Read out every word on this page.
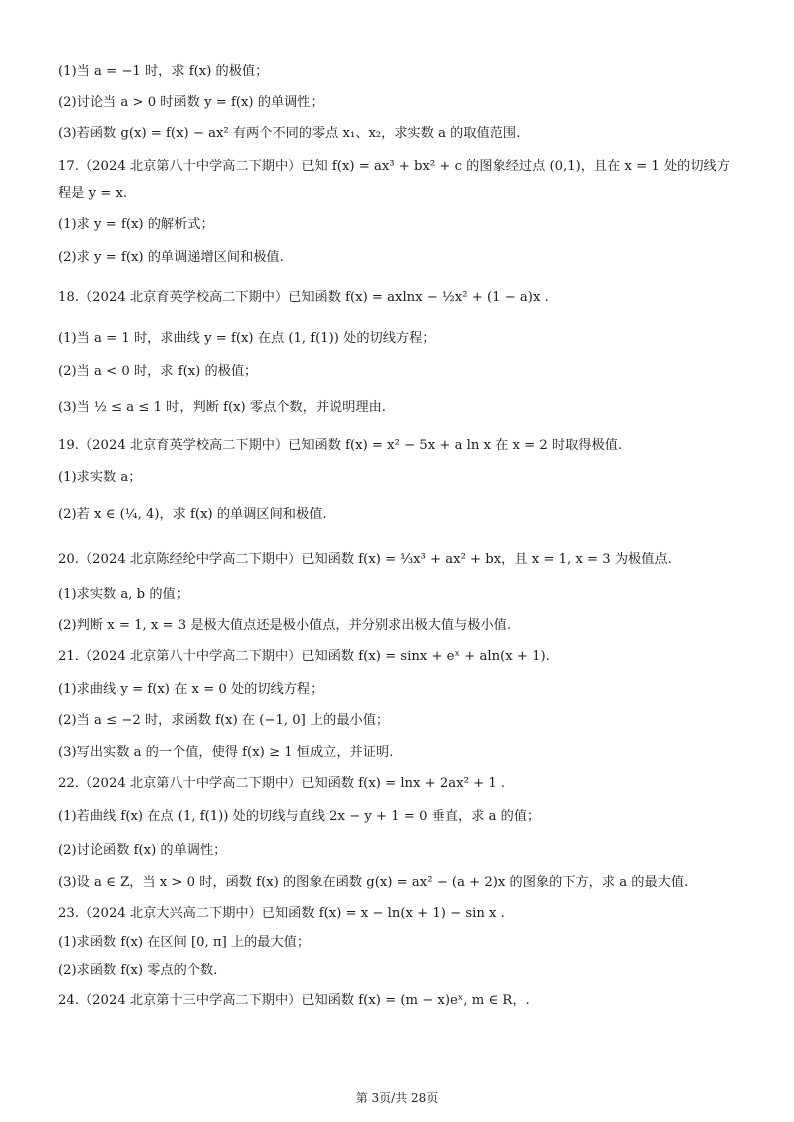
(1)当 a = −1 时，求 f(x) 的极值；
(2)讨论当 a > 0 时函数 y = f(x) 的单调性；
(3)若函数 g(x) = f(x) − ax² 有两个不同的零点 x₁、x₂，求实数 a 的取值范围.
17.（2024 北京第八十中学高二下期中）已知 f(x) = ax³ + bx² + c 的图象经过点 (0,1)，且在 x = 1 处的切线方
程是 y = x.
(1)求 y = f(x) 的解析式；
(2)求 y = f(x) 的单调递增区间和极值.
18.（2024 北京育英学校高二下期中）已知函数 f(x) = axlnx − ½x² + (1 − a)x .
(1)当 a = 1 时，求曲线 y = f(x) 在点 (1, f(1)) 处的切线方程；
(2)当 a < 0 时，求 f(x) 的极值；
(3)当 ½ ≤ a ≤ 1 时，判断 f(x) 零点个数，并说明理由.
19.（2024 北京育英学校高二下期中）已知函数 f(x) = x² − 5x + a ln x 在 x = 2 时取得极值.
(1)求实数 a；
(2)若 x ∈ (¼, 4)，求 f(x) 的单调区间和极值.
20.（2024 北京陈经纶中学高二下期中）已知函数 f(x) = ⅓x³ + ax² + bx，且 x = 1, x = 3 为极值点.
(1)求实数 a, b 的值；
(2)判断 x = 1, x = 3 是极大值点还是极小值点，并分别求出极大值与极小值.
21.（2024 北京第八十中学高二下期中）已知函数 f(x) = sinx + eˣ + aln(x + 1).
(1)求曲线 y = f(x) 在 x = 0 处的切线方程；
(2)当 a ≤ −2 时，求函数 f(x) 在 (−1, 0] 上的最小值；
(3)写出实数 a 的一个值，使得 f(x) ≥ 1 恒成立，并证明.
22.（2024 北京第八十中学高二下期中）已知函数 f(x) = lnx + 2ax² + 1 .
(1)若曲线 f(x) 在点 (1, f(1)) 处的切线与直线 2x − y + 1 = 0 垂直，求 a 的值；
(2)讨论函数 f(x) 的单调性；
(3)设 a ∈ Z，当 x > 0 时，函数 f(x) 的图象在函数 g(x) = ax² − (a + 2)x 的图象的下方，求 a 的最大值.
23.（2024 北京大兴高二下期中）已知函数 f(x) = x − ln(x + 1) − sin x .
(1)求函数 f(x) 在区间 [0, π] 上的最大值；
(2)求函数 f(x) 零点的个数.
24.（2024 北京第十三中学高二下期中）已知函数 f(x) = (m − x)eˣ, m ∈ R，.
第 3页/共 28页
